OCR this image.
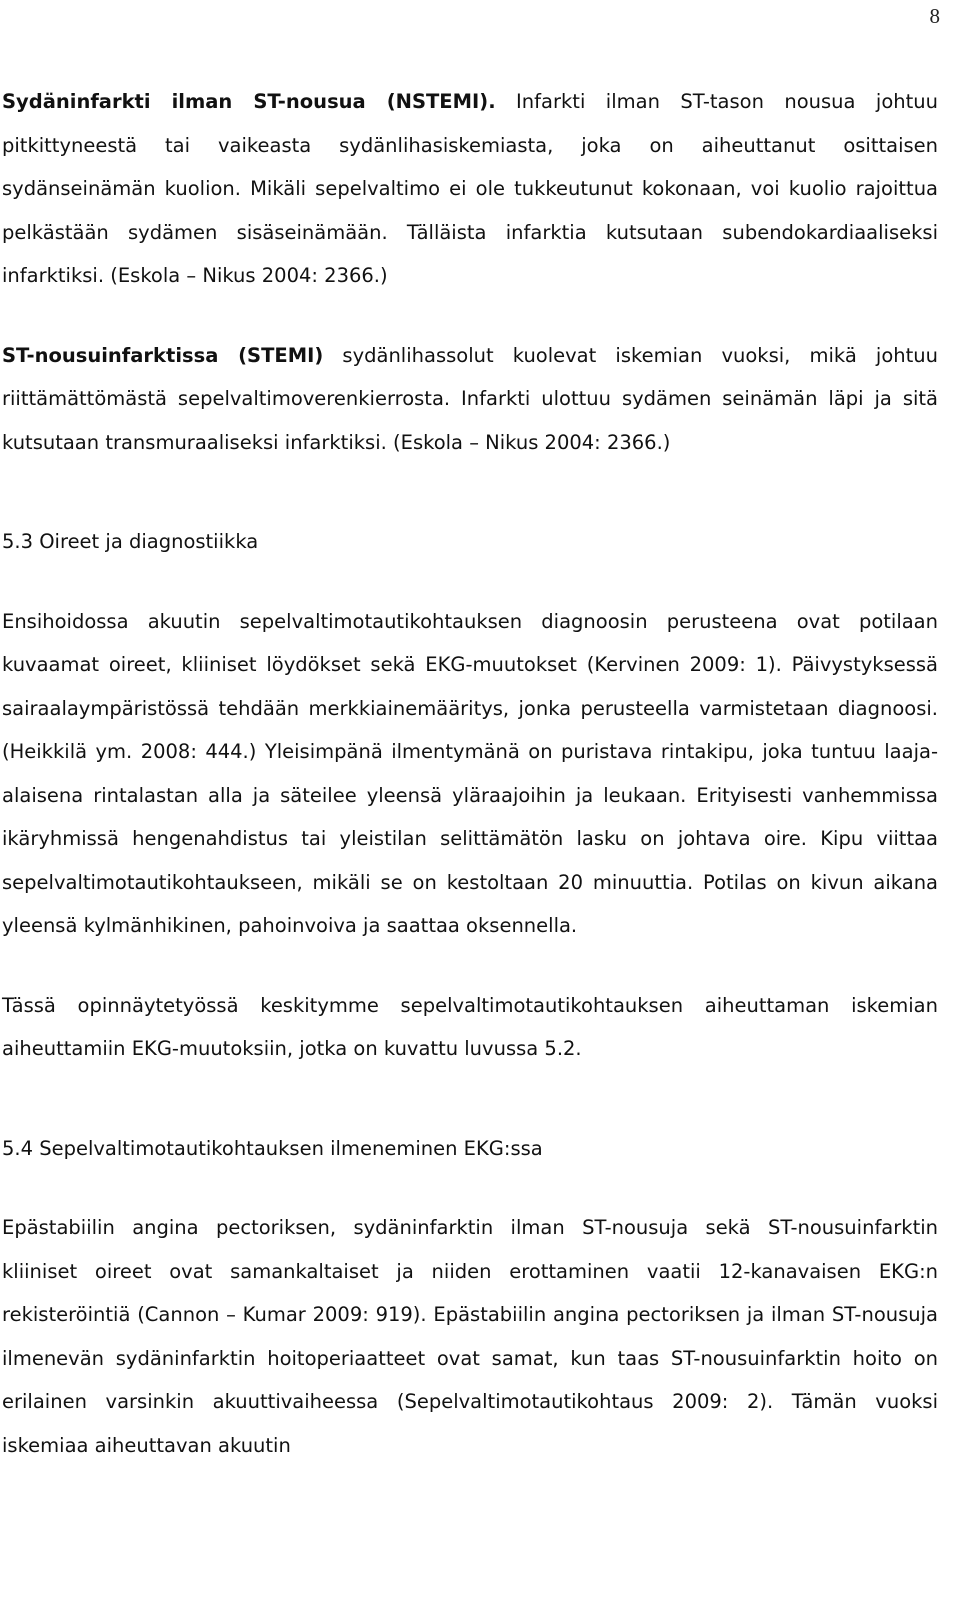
8

Sydäninfarkti ilman ST-nousua (NSTEMI). Infarkti ilman ST-tason nousua johtuu pitkittyneestä tai vaikeasta sydänlihasiskemiasta, joka on aiheuttanut osittaisen sydänseinämän kuolion. Mikäli sepelvaltimo ei ole tukkeutunut kokonaan, voi kuolio rajoittua pelkästään sydämen sisäseinämään. Tälläista infarktia kutsutaan subendokardiaaliseksi infarktiksi. (Eskola – Nikus 2004: 2366.)

ST-nousuinfarktissa (STEMI) sydänlihassolut kuolevat iskemian vuoksi, mikä johtuu riittämättömästä sepelvaltimoverenkierrosta. Infarkti ulottuu sydämen seinämän läpi ja sitä kutsutaan transmuraaliseksi infarktiksi. (Eskola – Nikus 2004: 2366.)

5.3 Oireet ja diagnostiikka

Ensihoidossa akuutin sepelvaltimotautikohtauksen diagnoosin perusteena ovat potilaan kuvaamat oireet, kliiniset löydökset sekä EKG-muutokset (Kervinen 2009: 1). Päivystyksessä sairaalaympäristössä tehdään merkkiainemääritys, jonka perusteella varmistetaan diagnoosi. (Heikkilä ym. 2008: 444.) Yleisimpänä ilmentymänä on puristava rintakipu, joka tuntuu laaja-alaisena rintalastan alla ja säteilee yleensä yläraajoihin ja leukaan. Erityisesti vanhemmissa ikäryhmissä hengenahdistus tai yleistilan selittämätön lasku on johtava oire. Kipu viittaa sepelvaltimotautikohtaukseen, mikäli se on kestoltaan 20 minuuttia. Potilas on kivun aikana yleensä kylmänhikinen, pahoinvoiva ja saattaa oksennella.

Tässä opinnäytetyössä keskitymme sepelvaltimotautikohtauksen aiheuttaman iskemian aiheuttamiin EKG-muutoksiin, jotka on kuvattu luvussa 5.2.

5.4 Sepelvaltimotautikohtauksen ilmeneminen EKG:ssa

Epästabiilin angina pectoriksen, sydäninfarktin ilman ST-nousuja sekä ST-nousuinfarktin kliiniset oireet ovat samankaltaiset ja niiden erottaminen vaatii 12-kanavaisen EKG:n rekisteröintiä (Cannon – Kumar 2009: 919). Epästabiilin angina pectoriksen ja ilman ST-nousuja ilmenevän sydäninfarktin hoitoperiaatteet ovat samat, kun taas ST-nousuinfarktin hoito on erilainen varsinkin akuuttivaiheessa (Sepelvaltimotautikohtaus 2009: 2). Tämän vuoksi iskemiaa aiheuttavan akuutin
